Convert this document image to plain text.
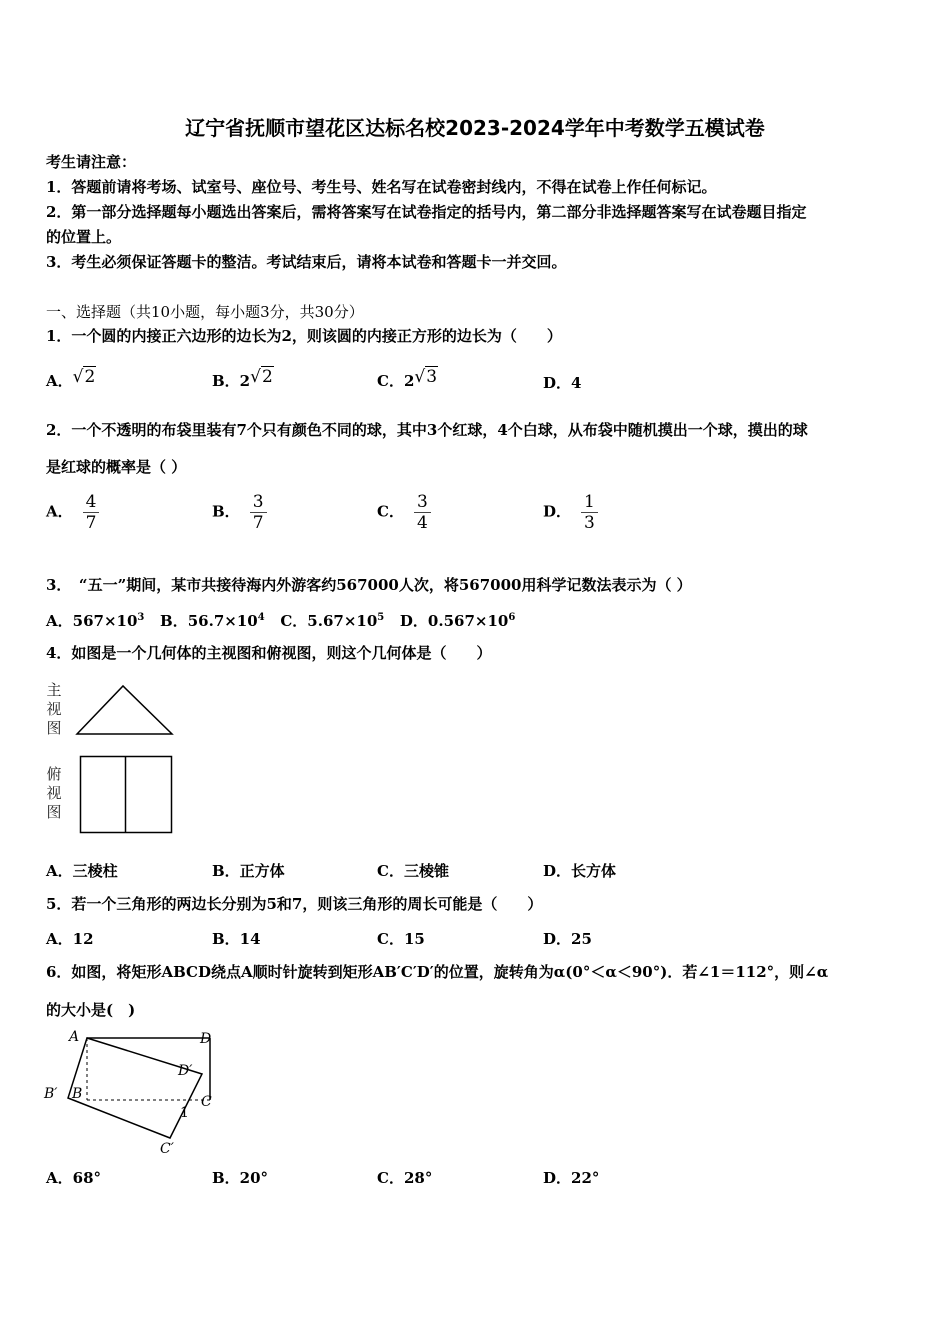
辽宁省抚顺市望花区达标名校2023-2024学年中考数学五模试卷
考生请注意：
1．答题前请将考场、试室号、座位号、考生号、姓名写在试卷密封线内，不得在试卷上作任何标记。
2．第一部分选择题每小题选出答案后，需将答案写在试卷指定的括号内，第二部分非选择题答案写在试卷题目指定
的位置上。
3．考生必须保证答题卡的整洁。考试结束后，请将本试卷和答题卡一并交回。
一、选择题（共10小题，每小题3分，共30分）
1．一个圆的内接正六边形的边长为2，则该圆的内接正方形的边长为（　　）
A．√2	B．2√2	C．2√3	D．4
2．一个不透明的布袋里装有7个只有颜色不同的球，其中3个红球，4个白球，从布袋中随机摸出一个球，摸出的球
是红球的概率是（ ）
A． $\frac{4}{7}$	B． $\frac{3}{7}$	C． $\frac{3}{4}$	D． $\frac{1}{3}$
3．　“五一”期间，某市共接待海内外游客约567000人次，将567000用科学记数法表示为（ ）
A．$567\times 10^3$ B．$56.7\times 10^4$ C．$5.67\times 10^5$ D．$0.567\times 10^6$
4．如图是一个几何体的主视图和俯视图，则这个几何体是（　　）
主
视
图
俯
视
图
A．三棱柱	B．正方体	C．三棱锥	D．长方体
5．若一个三角形的两边长分别为5和7，则该三角形的周长可能是（　　）
A．12	B．14	C．15	D．25
6．如图，将矩形ABCD绕点A顺时针旋转到矩形AB′C′D′的位置，旋转角为α(0°＜α＜90°)．若∠1＝112°，则∠α
的大小是(　)
A	D
D′
B
B′	C
1
C′
A．68°	B．20°	C．28°	D．22°
